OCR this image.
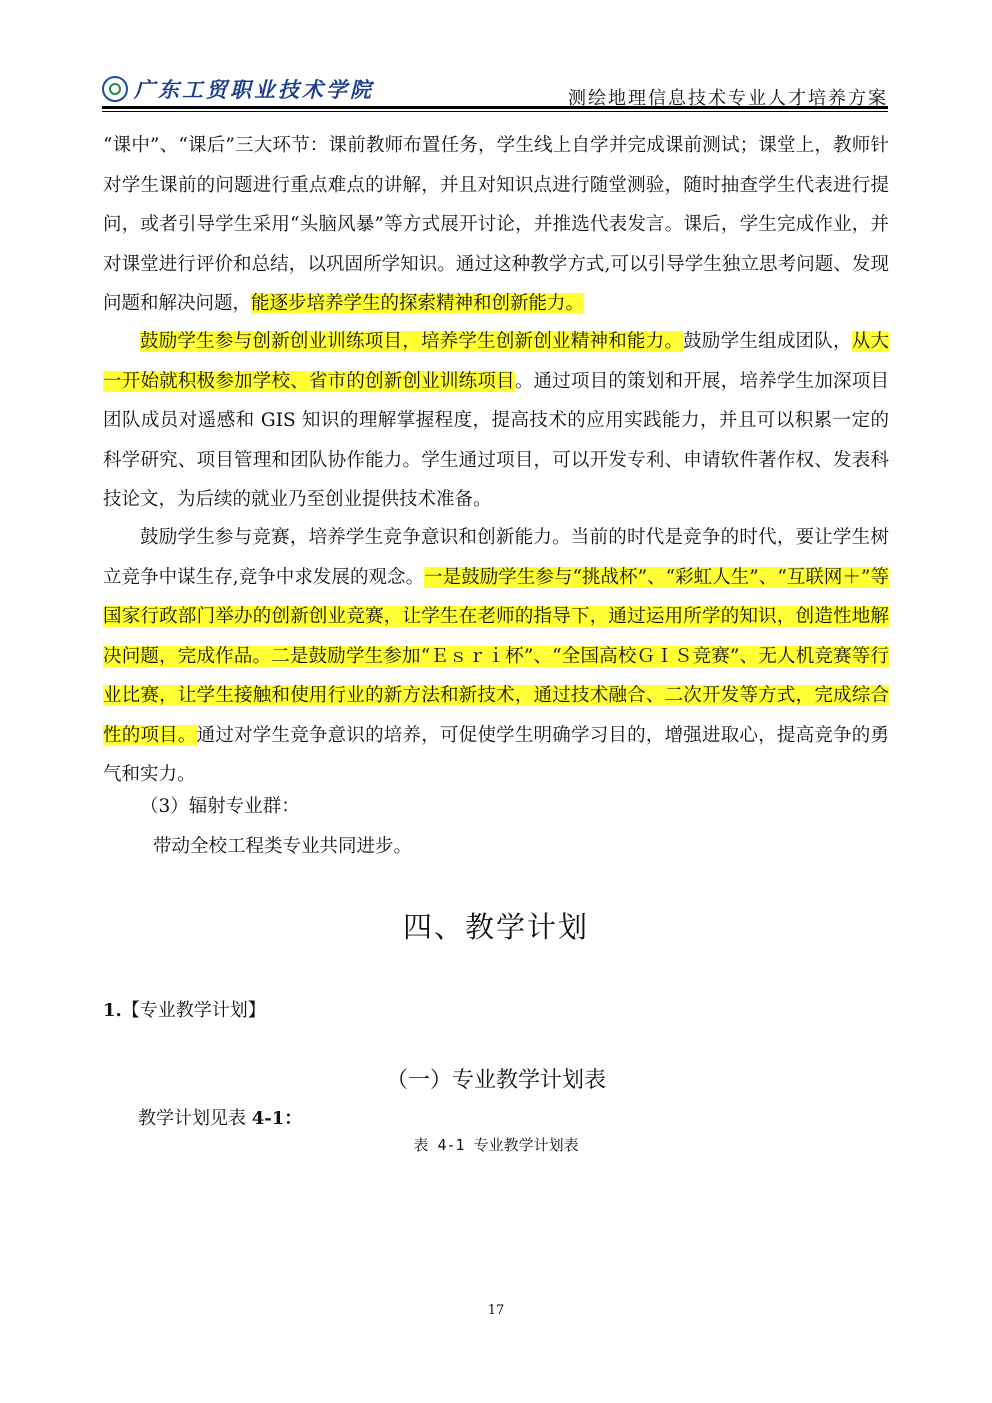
广东工贸职业技术学院	测绘地理信息技术专业人才培养方案

“课中”、“课后”三大环节：课前教师布置任务，学生线上自学并完成课前测试；课堂上，教师针对学生课前的问题进行重点难点的讲解，并且对知识点进行随堂测验，随时抽查学生代表进行提问，或者引导学生采用“头脑风暴”等方式展开讨论，并推选代表发言。课后，学生完成作业，并对课堂进行评价和总结，以巩固所学知识。通过这种教学方式,可以引导学生独立思考问题、发现问题和解决问题，能逐步培养学生的探索精神和创新能力。

鼓励学生参与创新创业训练项目，培养学生创新创业精神和能力。鼓励学生组成团队，从大一开始就积极参加学校、省市的创新创业训练项目。通过项目的策划和开展，培养学生加深项目团队成员对遥感和 GIS 知识的理解掌握程度，提高技术的应用实践能力，并且可以积累一定的科学研究、项目管理和团队协作能力。学生通过项目，可以开发专利、申请软件著作权、发表科技论文，为后续的就业乃至创业提供技术准备。

鼓励学生参与竞赛，培养学生竞争意识和创新能力。当前的时代是竞争的时代，要让学生树立竞争中谋生存,竞争中求发展的观念。一是鼓励学生参与“挑战杯”、“彩虹人生”、“互联网＋”等国家行政部门举办的创新创业竞赛，让学生在老师的指导下，通过运用所学的知识，创造性地解决问题，完成作品。二是鼓励学生参加“Ｅｓｒｉ杯”、“全国高校ＧＩＳ竞赛”、无人机竞赛等行业比赛，让学生接触和使用行业的新方法和新技术，通过技术融合、二次开发等方式，完成综合性的项目。通过对学生竞争意识的培养，可促使学生明确学习目的，增强进取心，提高竞争的勇气和实力。

（3）辐射专业群：
带动全校工程类专业共同进步。
四、教学计划
1.【专业教学计划】
（一）专业教学计划表
教学计划见表 4-1：
表 4-1 专业教学计划表
17
